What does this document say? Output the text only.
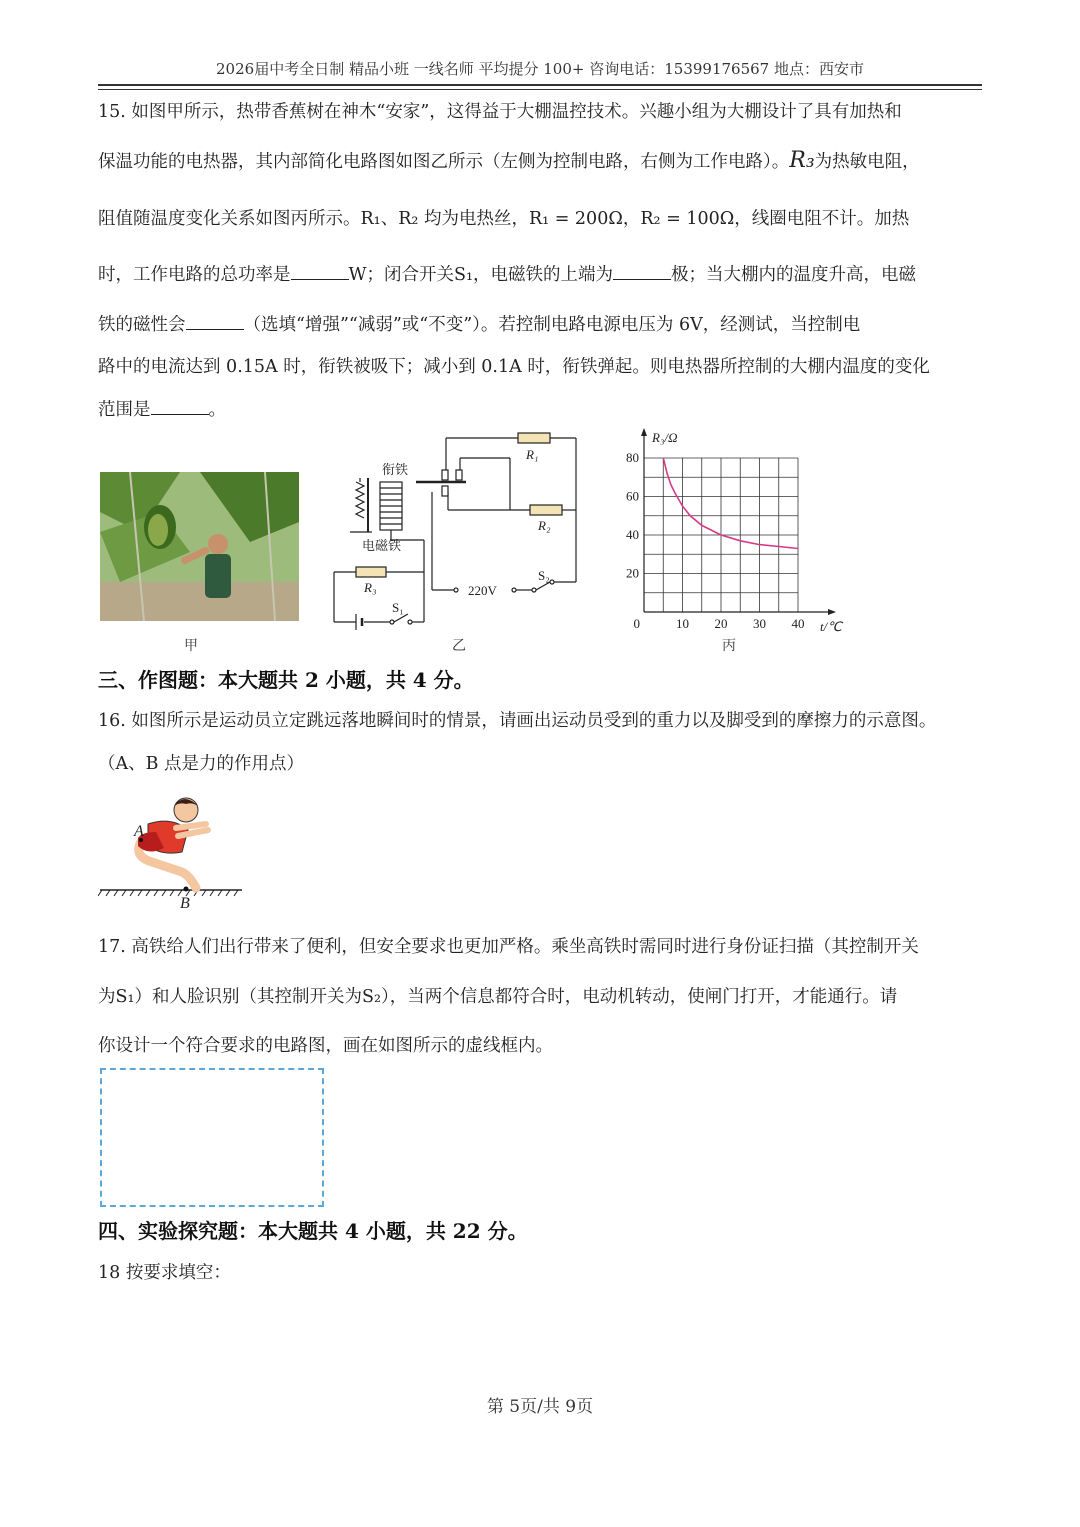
2026届中考全日制 精品小班 一线名师 平均提分 100+ 咨询电话：15399176567 地点：西安市
15. 如图甲所示，热带香蕉树在神木“安家”，这得益于大棚温控技术。兴趣小组为大棚设计了具有加热和
保温功能的电热器，其内部简化电路图如图乙所示（左侧为控制电路，右侧为工作电路）。R₃为热敏电阻，
阻值随温度变化关系如图丙所示。R₁、R₂ 均为电热丝，R₁ = 200Ω，R₂ = 100Ω，线圈电阻不计。加热
时，工作电路的总功率是	W；闭合开关S₁，电磁铁的上端为	极；当大棚内的温度升高，电磁
铁的磁性会	（选填“增强”“减弱”或“不变”）。若控制电路电源电压为 6V，经测试，当控制电
路中的电流达到 0.15A 时，衔铁被吸下；减小到 0.1A 时，衔铁弹起。则电热器所控制的大棚内温度的变化
范围是	。
甲
R₁
R₂
R₃
S₁
S₂
220V
衔铁
电磁铁
乙
0	10 20 30 40
20
40
60
80
R₃/Ω
t/℃
丙
三、作图题：本大题共 2 小题，共 4 分。
16. 如图所示是运动员立定跳远落地瞬间时的情景，请画出运动员受到的重力以及脚受到的摩擦力的示意图。
（A、B 点是力的作用点）
A
B
17. 高铁给人们出行带来了便利，但安全要求也更加严格。乘坐高铁时需同时进行身份证扫描（其控制开关
为S₁）和人脸识别（其控制开关为S₂），当两个信息都符合时，电动机转动，使闸门打开，才能通行。请
你设计一个符合要求的电路图，画在如图所示的虚线框内。
四、实验探究题：本大题共 4 小题，共 22 分。
18 按要求填空：
第 5页/共 9页
